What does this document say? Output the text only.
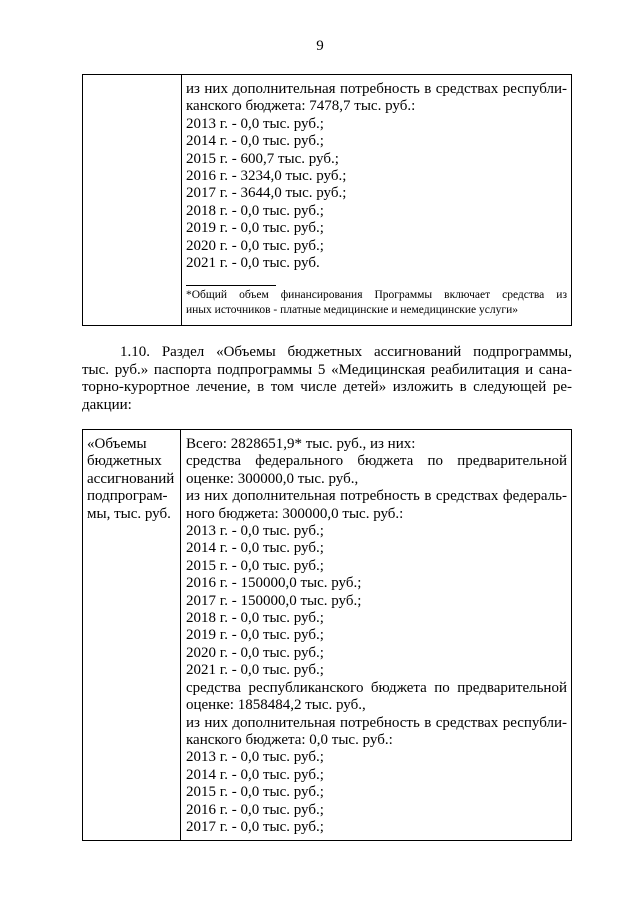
9
из них дополнительная потребность в средствах республи-
канского бюджета: 7478,7 тыс. руб.:
2013 г. - 0,0 тыс. руб.;
2014 г. - 0,0 тыс. руб.;
2015 г. - 600,7 тыс. руб.;
2016 г. - 3234,0 тыс. руб.;
2017 г. - 3644,0 тыс. руб.;
2018 г. - 0,0 тыс. руб.;
2019 г. - 0,0 тыс. руб.;
2020 г. - 0,0 тыс. руб.;
2021 г. - 0,0 тыс. руб.
*Общий объем финансирования Программы включает средства из
иных источников - платные медицинские и немедицинские услуги»
1.10. Раздел «Объемы бюджетных ассигнований подпрограммы,
тыс. руб.» паспорта подпрограммы 5 «Медицинская реабилитация и сана-
торно-курортное лечение, в том числе детей» изложить в следующей ре-
дакции:
«Объемы
бюджетных
ассигнований
подпрограм-
мы, тыс. руб.
Всего: 2828651,9* тыс. руб., из них:
средства федерального бюджета по предварительной
оценке: 300000,0 тыс. руб.,
из них дополнительная потребность в средствах федераль-
ного бюджета: 300000,0 тыс. руб.:
2013 г. - 0,0 тыс. руб.;
2014 г. - 0,0 тыс. руб.;
2015 г. - 0,0 тыс. руб.;
2016 г. - 150000,0 тыс. руб.;
2017 г. - 150000,0 тыс. руб.;
2018 г. - 0,0 тыс. руб.;
2019 г. - 0,0 тыс. руб.;
2020 г. - 0,0 тыс. руб.;
2021 г. - 0,0 тыс. руб.;
средства республиканского бюджета по предварительной
оценке: 1858484,2 тыс. руб.,
из них дополнительная потребность в средствах республи-
канского бюджета: 0,0 тыс. руб.:
2013 г. - 0,0 тыс. руб.;
2014 г. - 0,0 тыс. руб.;
2015 г. - 0,0 тыс. руб.;
2016 г. - 0,0 тыс. руб.;
2017 г. - 0,0 тыс. руб.;
